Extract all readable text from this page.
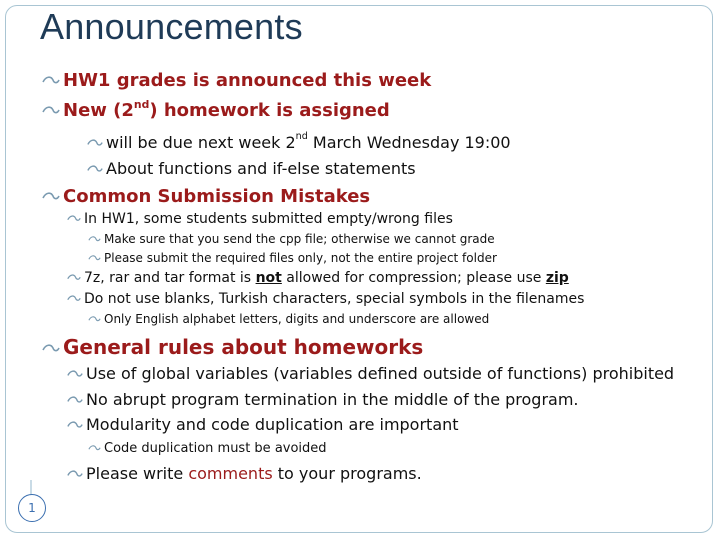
Announcements
HW1 grades is announced this week
New (2nd) homework is assigned
will be due next week 2nd March Wednesday 19:00
About functions and if-else statements
Common Submission Mistakes
In HW1, some students submitted empty/wrong files
Make sure that you send the cpp file; otherwise we cannot grade
Please submit the required files only, not the entire project folder
7z, rar and tar format is not allowed for compression; please use zip
Do not use blanks, Turkish characters, special symbols in the filenames
Only English alphabet letters, digits and underscore are allowed
General rules about homeworks
Use of global variables (variables defined outside of functions) prohibited
No abrupt program termination in the middle of the program.
Modularity and code duplication are important
Code duplication must be avoided
Please write comments to your programs.
1
